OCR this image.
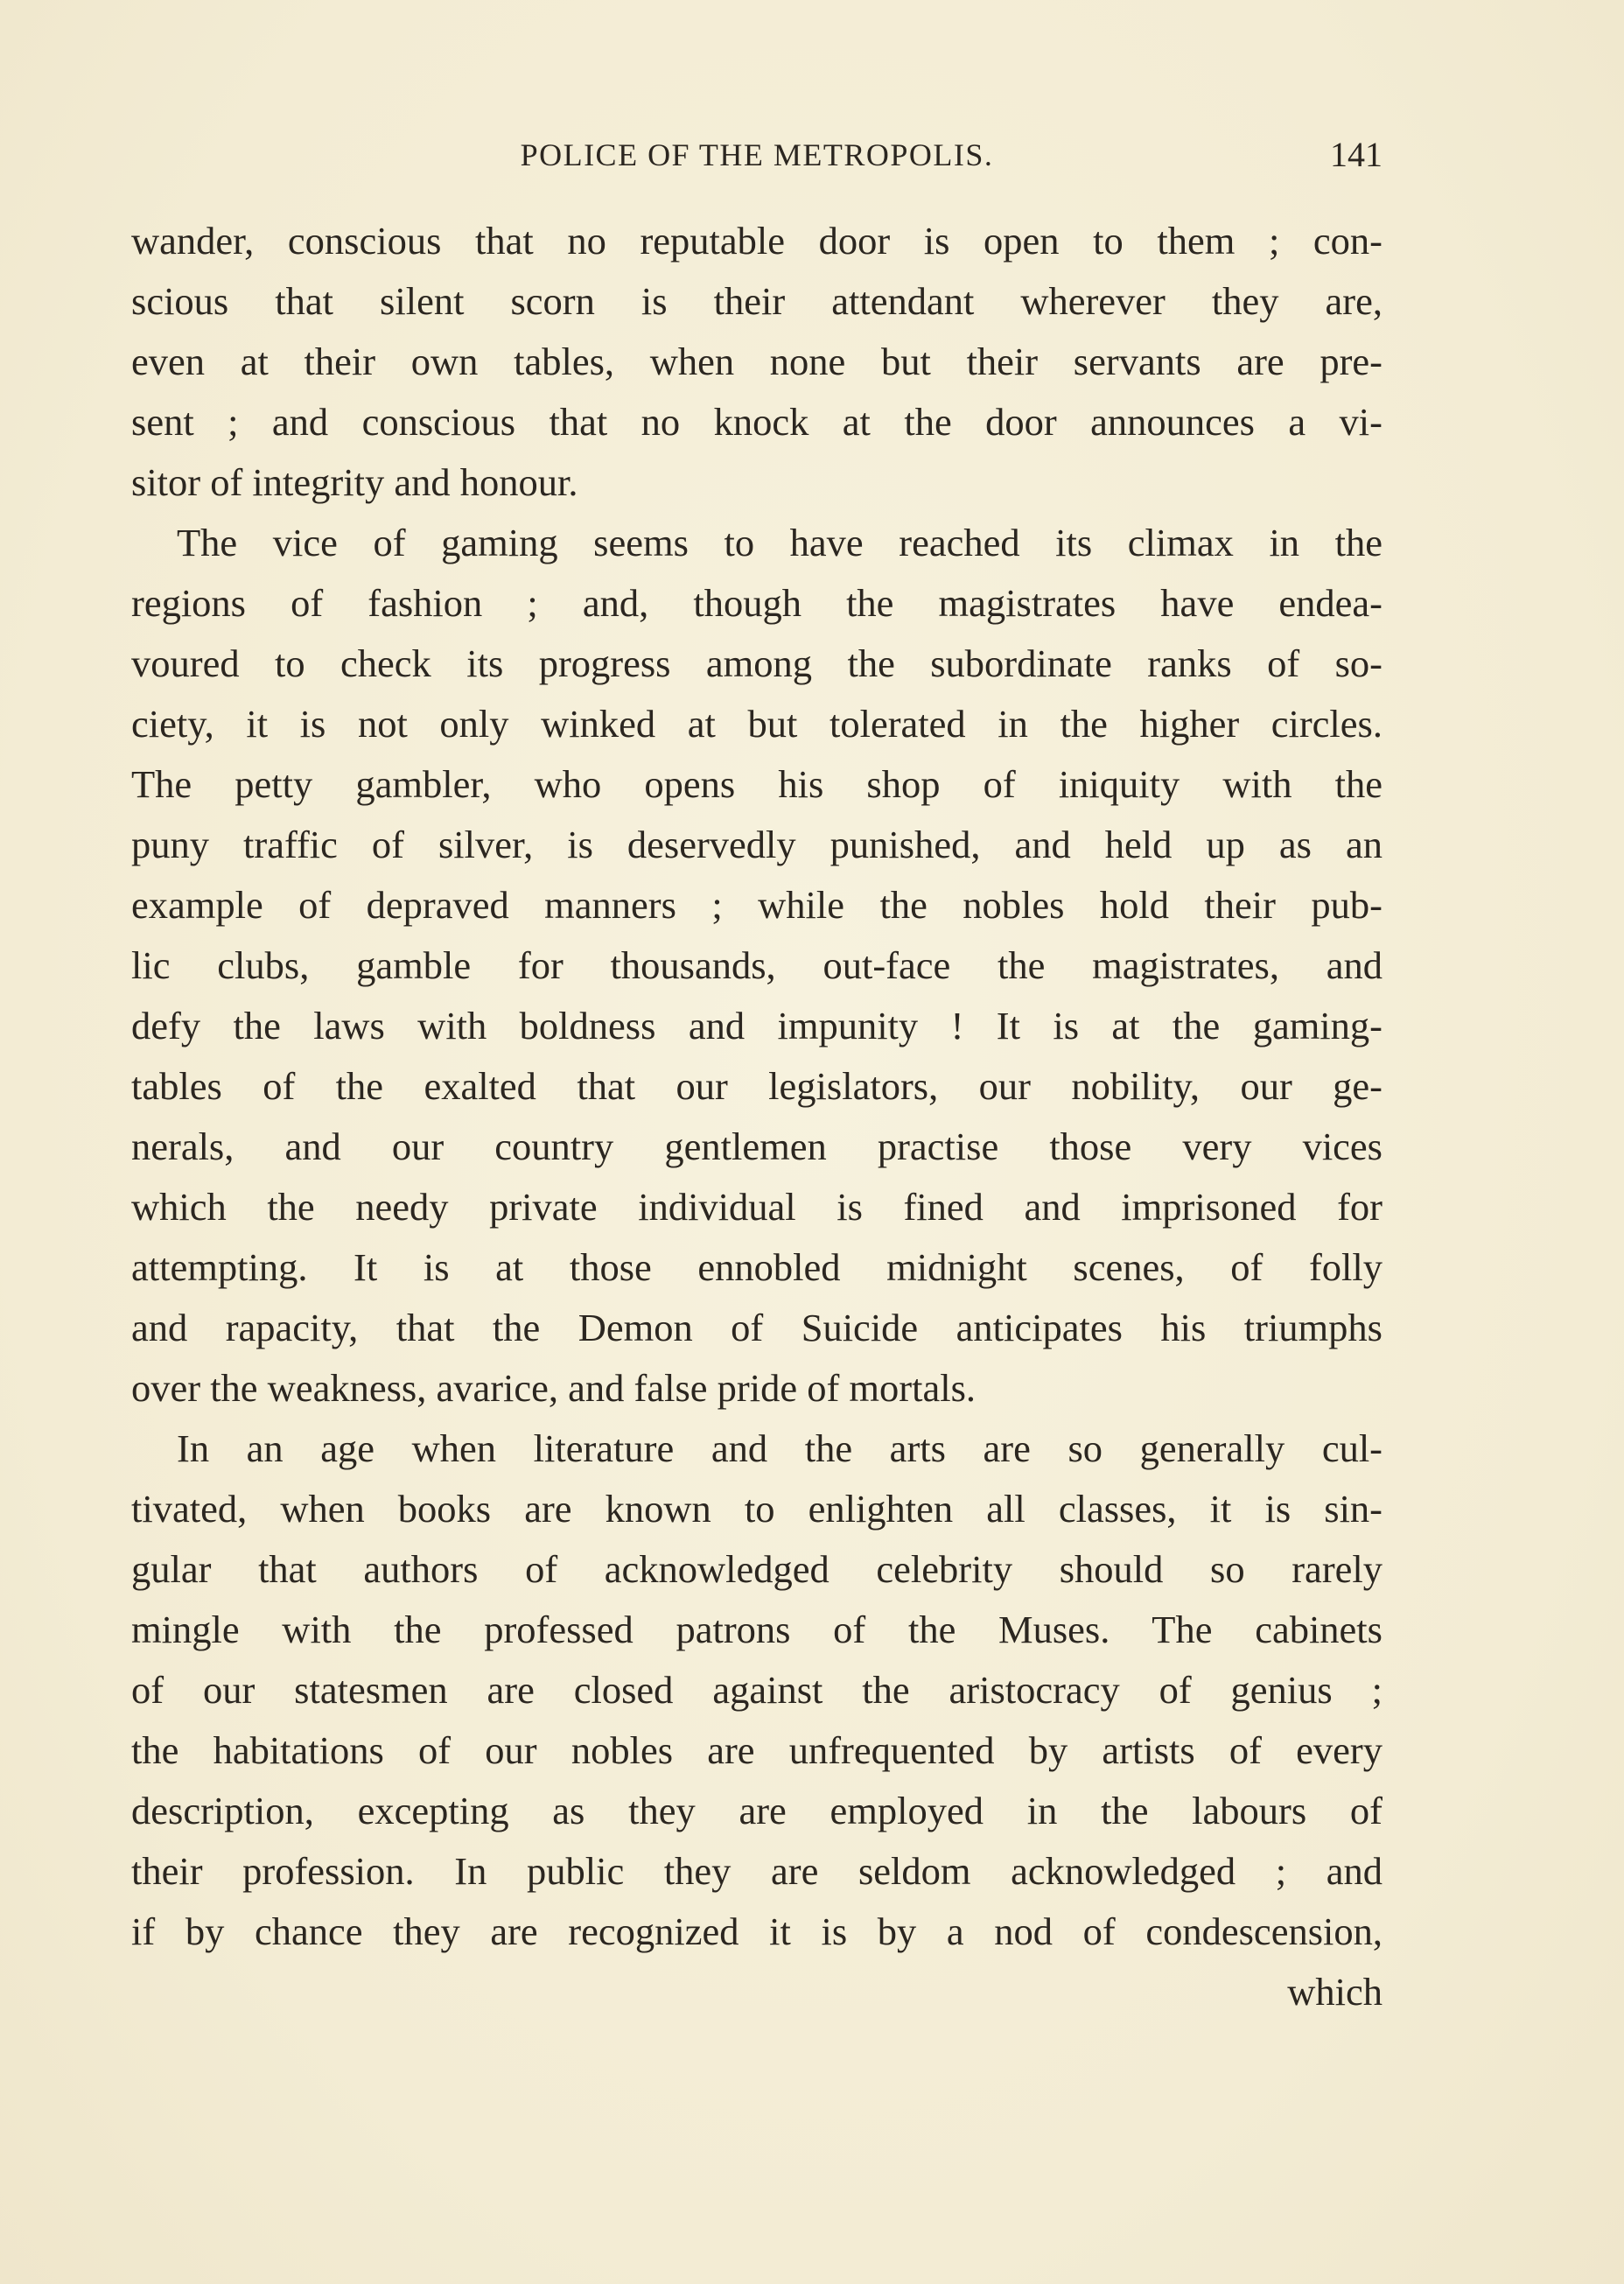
POLICE OF THE METROPOLIS.	141
wander, conscious that no reputable door is open to them ; con-
scious that silent scorn is their attendant wherever they are,
even at their own tables, when none but their servants are pre-
sent ; and conscious that no knock at the door announces a vi-
sitor of integrity and honour.
The vice of gaming seems to have reached its climax in the
regions of fashion ; and, though the magistrates have endea-
voured to check its progress among the subordinate ranks of so-
ciety, it is not only winked at but tolerated in the higher circles.
The petty gambler, who opens his shop of iniquity with the
puny traffic of silver, is deservedly punished, and held up as an
example of depraved manners ; while the nobles hold their pub-
lic clubs, gamble for thousands, out-face the magistrates, and
defy the laws with boldness and impunity ! It is at the gaming-
tables of the exalted that our legislators, our nobility, our ge-
nerals, and our country gentlemen practise those very vices
which the needy private individual is fined and imprisoned for
attempting. It is at those ennobled midnight scenes, of folly
and rapacity, that the Demon of Suicide anticipates his triumphs
over the weakness, avarice, and false pride of mortals.
In an age when literature and the arts are so generally cul-
tivated, when books are known to enlighten all classes, it is sin-
gular that authors of acknowledged celebrity should so rarely
mingle with the professed patrons of the Muses. The cabinets
of our statesmen are closed against the aristocracy of genius ;
the habitations of our nobles are unfrequented by artists of every
description, excepting as they are employed in the labours of
their profession. In public they are seldom acknowledged ; and
if by chance they are recognized it is by a nod of condescension,
which
